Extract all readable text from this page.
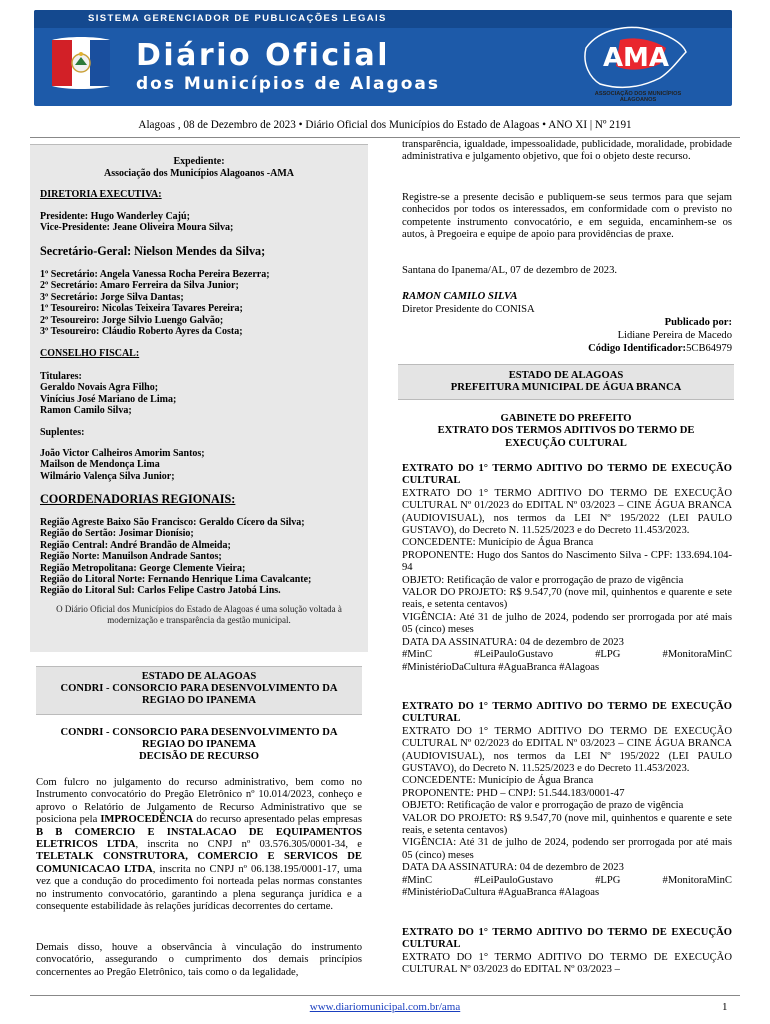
SISTEMA GERENCIADOR DE PUBLICAÇÕES LEGAIS
Diário Oficial
dos Municípios de Alagoas
AMA
ASSOCIAÇÃO DOS MUNICÍPIOS ALAGOANOS
Alagoas , 08 de Dezembro de 2023 • Diário Oficial dos Municípios do Estado de Alagoas • ANO XI | Nº 2191
Expediente:
Associação dos Municípios Alagoanos -AMA
DIRETORIA EXECUTIVA:
Presidente: Hugo Wanderley Cajú;
Vice-Presidente: Jeane Oliveira Moura Silva;
Secretário-Geral: Nielson Mendes da Silva;
1º Secretário: Angela Vanessa Rocha Pereira Bezerra;
2º Secretário: Amaro Ferreira da Silva Junior;
3º Secretário: Jorge Silva Dantas;
1º Tesoureiro: Nicolas Teixeira Tavares Pereira;
2º Tesoureiro: Jorge Silvio Luengo Galvão;
3º Tesoureiro: Cláudio Roberto Ayres da Costa;
CONSELHO FISCAL:
Titulares:
Geraldo Novais Agra Filho;
Vinícius José Mariano de Lima;
Ramon Camilo Silva;
Suplentes:
João Victor Calheiros Amorim Santos;
Mailson de Mendonça Lima
Wilmário Valença Silva Junior;
COORDENADORIAS REGIONAIS:
Região Agreste Baixo São Francisco: Geraldo Cícero da Silva;
Região do Sertão: Josimar Dionísio;
Região Central: André Brandão de Almeida;
Região Norte: Manuilson Andrade Santos;
Região Metropolitana: George Clemente Vieira;
Região do Litoral Norte: Fernando Henrique Lima Cavalcante;
Região do Litoral Sul: Carlos Felipe Castro Jatobá Lins.
O Diário Oficial dos Municípios do Estado de Alagoas é uma solução voltada à
modernização e transparência da gestão municipal.
ESTADO DE ALAGOAS
CONDRI - CONSORCIO PARA DESENVOLVIMENTO DA
REGIAO DO IPANEMA
CONDRI - CONSORCIO PARA DESENVOLVIMENTO DA
REGIAO DO IPANEMA
DECISÃO DE RECURSO
Com fulcro no julgamento do recurso administrativo, bem como no Instrumento convocatório do Pregão Eletrônico nº 10.014/2023, conheço e aprovo o Relatório de Julgamento de Recurso Administrativo que se posiciona pela IMPROCEDÊNCIA do recurso apresentado pelas empresas B B COMERCIO E INSTALACAO DE EQUIPAMENTOS ELETRICOS LTDA, inscrita no CNPJ nº 03.576.305/0001-34, e TELETALK CONSTRUTORA, COMERCIO E SERVICOS DE COMUNICACAO LTDA, inscrita no CNPJ nº 06.138.195/0001-17, uma vez que a condução do procedimento foi norteada pelas normas constantes no instrumento convocatório, garantindo a plena segurança jurídica e a consequente estabilidade às relações jurídicas decorrentes do certame.
Demais disso, houve a observância à vinculação do instrumento convocatório, assegurando o cumprimento dos demais princípios concernentes ao Pregão Eletrônico, tais como o da legalidade,
transparência, igualdade, impessoalidade, publicidade, moralidade, probidade administrativa e julgamento objetivo, que foi o objeto deste recurso.
Registre-se a presente decisão e publiquem-se seus termos para que sejam conhecidos por todos os interessados, em conformidade com o previsto no competente instrumento convocatório, e em seguida, encaminhem-se os autos, à Pregoeira e equipe de apoio para providências de praxe.
Santana do Ipanema/AL, 07 de dezembro de 2023.
RAMON CAMILO SILVA
Diretor Presidente do CONISA
Publicado por:
Lidiane Pereira de Macedo
Código Identificador:5CB64979
ESTADO DE ALAGOAS
PREFEITURA MUNICIPAL DE ÁGUA BRANCA
GABINETE DO PREFEITO
EXTRATO DOS TERMOS ADITIVOS DO TERMO DE
EXECUÇÃO CULTURAL
EXTRATO DO 1° TERMO ADITIVO DO TERMO DE EXECUÇÃO CULTURAL
EXTRATO DO 1° TERMO ADITIVO DO TERMO DE EXECUÇÃO CULTURAL Nº 01/2023 do EDITAL Nº 03/2023 – CINE ÁGUA BRANCA (AUDIOVISUAL), nos termos da LEI Nº 195/2022 (LEI PAULO GUSTAVO), do Decreto N. 11.525/2023 e do Decreto 11.453/2023.
CONCEDENTE: Município de Água Branca
PROPONENTE: Hugo dos Santos do Nascimento Silva - CPF: 133.694.104-94
OBJETO: Retificação de valor e prorrogação de prazo de vigência
VALOR DO PROJETO: R$ 9.547,70 (nove mil, quinhentos e quarente e sete reais, e setenta centavos)
VIGÊNCIA: Até 31 de julho de 2024, podendo ser prorrogada por até mais 05 (cinco) meses
DATA DA ASSINATURA: 04 de dezembro de 2023
#MinC	#LeiPauloGustavo	#LPG	#MonitoraMinC
#MinistérioDaCultura #AguaBranca #Alagoas
EXTRATO DO 1° TERMO ADITIVO DO TERMO DE EXECUÇÃO CULTURAL
EXTRATO DO 1° TERMO ADITIVO DO TERMO DE EXECUÇÃO CULTURAL Nº 02/2023 do EDITAL Nº 03/2023 – CINE ÁGUA BRANCA (AUDIOVISUAL), nos termos da LEI Nº 195/2022 (LEI PAULO GUSTAVO), do Decreto N. 11.525/2023 e do Decreto 11.453/2023.
CONCEDENTE: Município de Água Branca
PROPONENTE: PHD – CNPJ: 51.544.183/0001-47
OBJETO: Retificação de valor e prorrogação de prazo de vigência
VALOR DO PROJETO: R$ 9.547,70 (nove mil, quinhentos e quarente e sete reais, e setenta centavos)
VIGÊNCIA: Até 31 de julho de 2024, podendo ser prorrogada por até mais 05 (cinco) meses
DATA DA ASSINATURA: 04 de dezembro de 2023
#MinC	#LeiPauloGustavo	#LPG	#MonitoraMinC
#MinistérioDaCultura #AguaBranca #Alagoas
EXTRATO DO 1° TERMO ADITIVO DO TERMO DE EXECUÇÃO CULTURAL
EXTRATO DO 1° TERMO ADITIVO DO TERMO DE EXECUÇÃO CULTURAL Nº 03/2023 do EDITAL Nº 03/2023 –
www.diariomunicipal.com.br/ama	1
